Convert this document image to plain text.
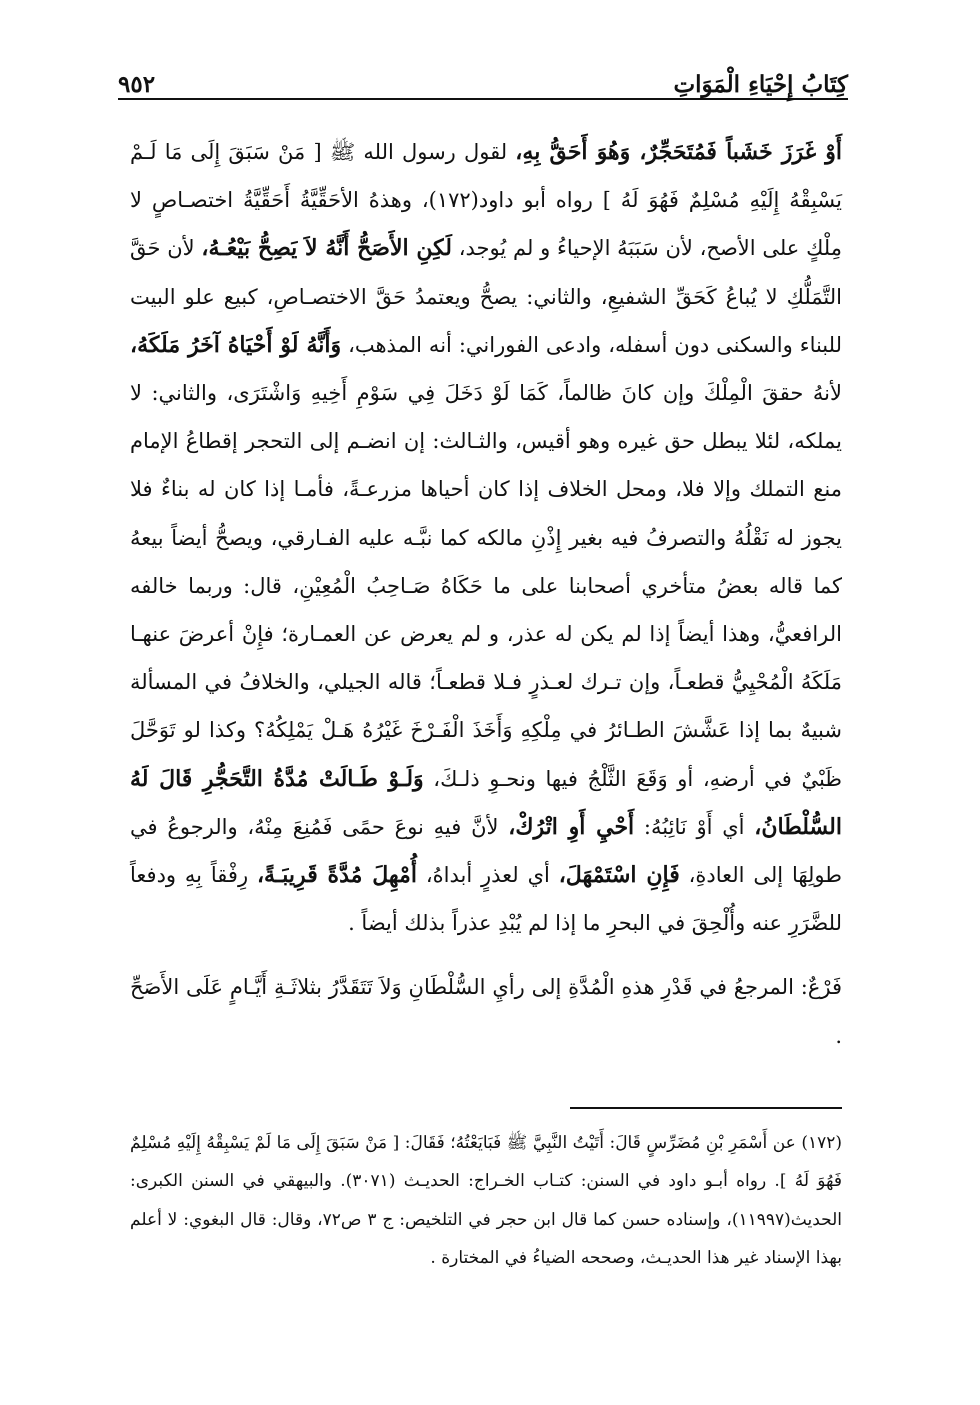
كِتَابُ إِحْيَاءِ الْمَوَاتِ
٩٥٢

أَوْ غَرَزَ خَشَباً فَمُتَحَجِّرٌ، وَهُوَ أَحَقُّ بِهِ، لقول رسول الله ﷺ [ مَنْ سَبَقَ إِلَى مَا لَـمْ يَسْبِقْهُ إِلَيْهِ مُسْلِمٌ فَهُوَ لَهُ ] رواه أبو داود(١٧٢)، وهذهُ الأحَقِّيَّةُ أَحَقِّيَّةُ اختصـاصٍ لا مِلْكٍ على الأصح، لأن سَبَبَهُ الإحياءُ و لم يُوجد، لَكِنِ الأَصَحُّ أَنَّهُ لاَ يَصِحُّ بَيْعُـهُ، لأن حَقَّ التَّمَلُّكِ لا يُباعُ كَحَقِّ الشفيعِ، والثاني: يصحُّ ويعتمدُ حَقَّ الاختصـاصِ، كبيع علو البيت للبناء والسكنى دون أسفله، وادعى الفوراني: أنه المذهب، وَأَنَّهُ لَوْ أَحْيَاهُ آخَرُ مَلَكَهُ، لأنهُ حققَ الْمِلْكَ وإن كانَ ظالماً، كَمَا لَوْ دَخَلَ فِي سَوْمِ أَخِيهِ وَاشْتَرَى، والثاني: لا يملكه، لئلا يبطل حق غيره وهو أقيس، والثـالث: إن انضـم إلى التحجر إقطاعُ الإمام منع التملك وإلا فلا، ومحل الخلاف إذا كان أحياها مزرعـةً، فأمـا إذا كان له بناءٌ فلا يجوز له نَقْلُهُ والتصرفُ فيه بغير إِذْنِ مالكه كما نبَّـه عليه الفـارقي، ويصحُّ أيضاً بيعهُ كما قاله بعضُ متأخري أصحابنا على ما حَكَاهُ صَـاحِبُ الْمُعِيْنِ، قال: وربما خالفه الرافعيُّ، وهذا أيضاً إذا لم يكن له عذر، و لم يعرض عن العمـارة؛ فإِنْ أعرضَ عنهـا مَلَكَهُ الْمُحْيِيُّ قطعـاً، وإن تـرك لعـذرٍ فـلا قطعـاً؛ قاله الجيلي، والخلافُ في المسألة شبيهٌ بما إذا عَشَّشَ الطـائرُ في مِلْكِهِ وَأَخَذَ الْفَـرْخَ غَيْرُهُ هَـلْ يَمْلِكُهُ؟ وكذا لو تَوَحَّلَ ظَبْيٌ في أرضهِ، أو وَقَعَ الثَّلْجُ فيها ونحـوِ ذلـكَ، وَلَـوْ طَـالَتْ مُدَّةُ التَّحَجُّرِ قَالَ لَهُ السُّلْطَانُ، أي أَوْ نَائِبُهُ: أَحْيِ أَوِ اتْرُكْ، لأنَّ فيهِ نوعَ حمًى فَمُنِعَ مِنْهُ، والرجوعُ في طولِهَا إلى العادةِ، فَإِنِ اسْتَمْهَلَ، أي لعذرٍ أبداهُ، أُمْهِلَ مُدَّةً قَرِيبَـةً، رِفْقاً بِهِ ودفعاً للضَّرَرِ عنه وأُلْحِقَ في البحرِ ما إذا لم يُبْدِ عذراً بذلك أيضاً .

فَرْعٌ: المرجعُ في قَدْرِ هذهِ الْمُدَّةِ إلى رأيِ السُّلْطَانِ وَلاَ تَتَقَدَّرُ بثلاثَـةِ أَيَّـامٍ عَلَى الأَصَحِّ .

(١٧٢) عن أَسْمَرِ بْنِ مُضَرِّسٍ قَالَ: أَتَيْتُ النَّبِيَّ ﷺ فَبَايَعْتُهُ؛ فَقَالَ: [ مَنْ سَبَقَ إِلَى مَا لَمْ يَسْبِقْهُ إِلَيْهِ مُسْلِمٌ فَهُوَ لَهُ ]. رواه أبـو داود في السنن: كتـاب الخـراج: الحديـث (٣٠٧١). والبيهقي في السنن الكبرى: الحديث(١١٩٩٧)، وإسناده حسن كما قال ابن حجر في التلخيص: ج ٣ ص٧٢، وقال: قال البغوي: لا أعلم بهذا الإسناد غير هذا الحديـث، وصححه الضياءُ في المختارة .
